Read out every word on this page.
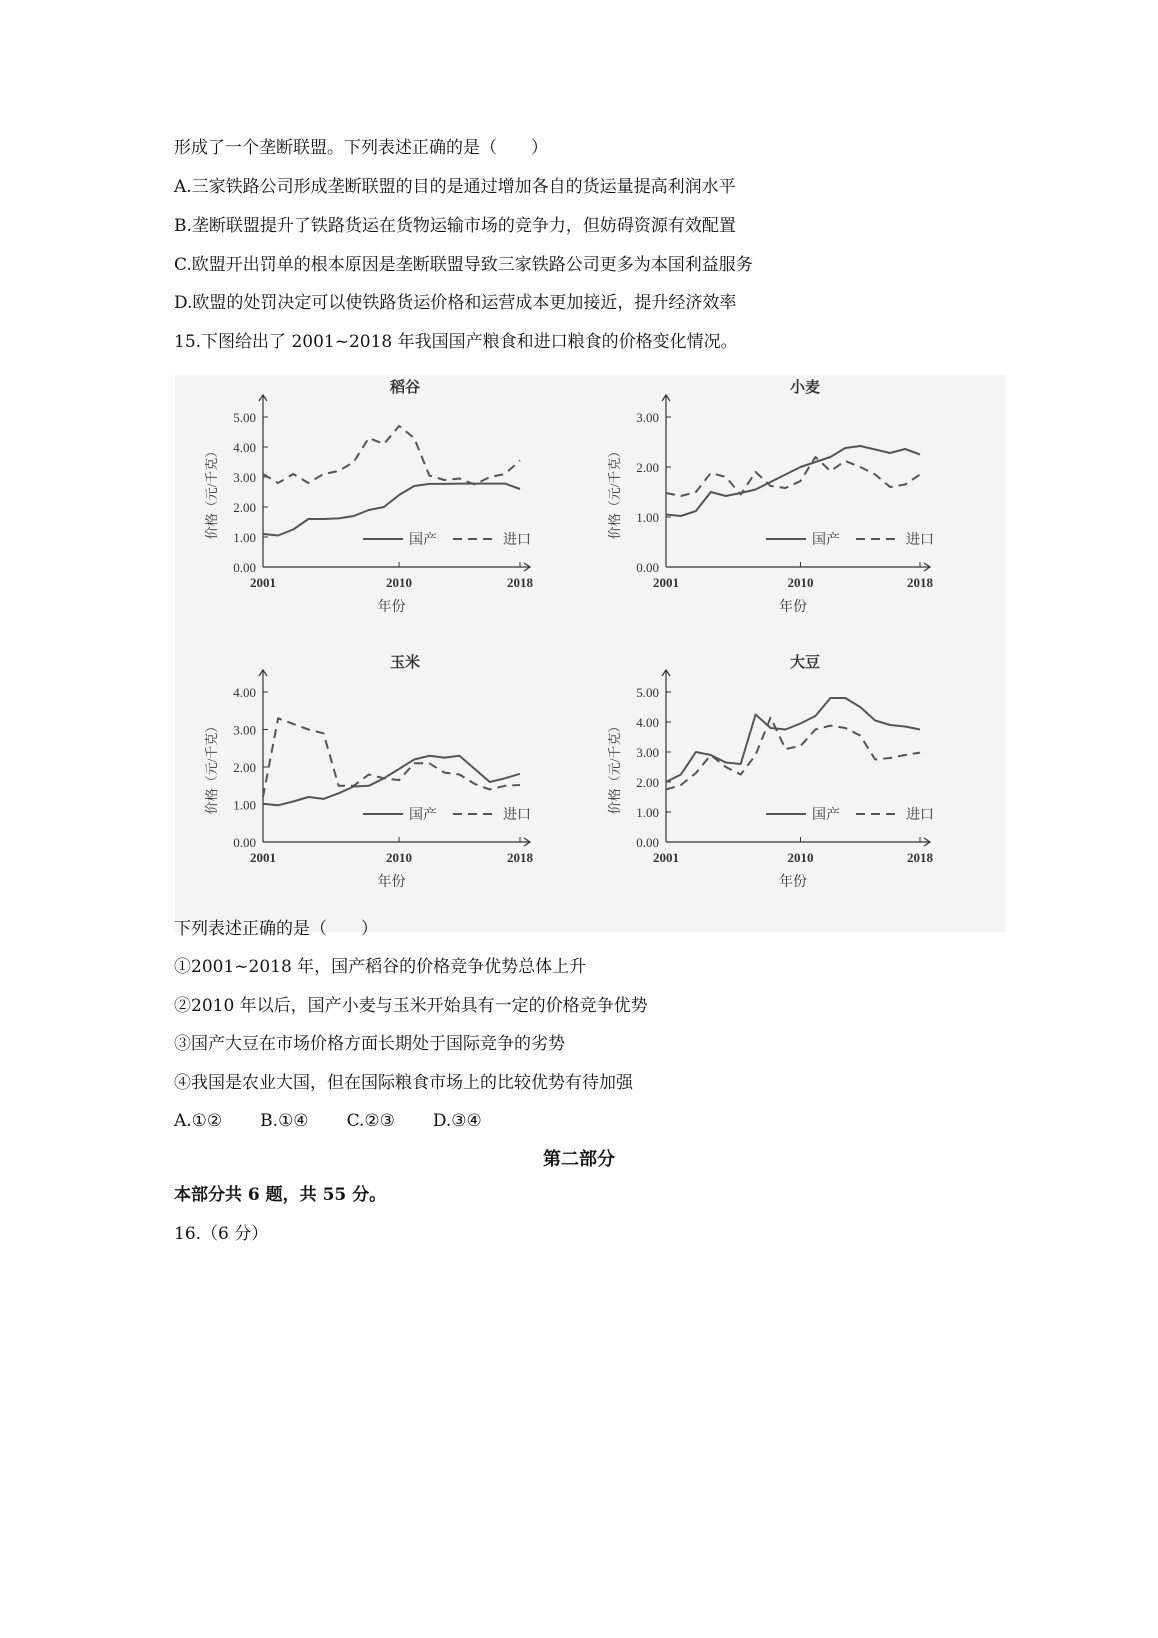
形成了一个垄断联盟。下列表述正确的是（　　）
A.三家铁路公司形成垄断联盟的目的是通过增加各自的货运量提高利润水平
B.垄断联盟提升了铁路货运在货物运输市场的竞争力，但妨碍资源有效配置
C.欧盟开出罚单的根本原因是垄断联盟导致三家铁路公司更多为本国利益服务
D.欧盟的处罚决定可以使铁路货运价格和运营成本更加接近，提升经济效率
15.下图给出了 2001~2018 年我国国产粮食和进口粮食的价格变化情况。
稻谷
0.00
1.00
2.00
3.00
4.00
5.00
2001	2010	2018
年份
价格（元/千克）
国产	进口
小麦
0.00
1.00
2.00
3.00
2001	2010	2018
年份
价格（元/千克）
国产	进口
玉米
0.00
1.00
2.00
3.00
4.00
2001	2010	2018
年份
价格（元/千克）
国产	进口
大豆
0.00
1.00
2.00
3.00
4.00
5.00
2001	2010	2018
年份
价格（元/千克）
国产	进口
下列表述正确的是（　　）
①2001~2018 年，国产稻谷的价格竞争优势总体上升
②2010 年以后，国产小麦与玉米开始具有一定的价格竞争优势
③国产大豆在市场价格方面长期处于国际竞争的劣势
④我国是农业大国，但在国际粮食市场上的比较优势有待加强
A.①② B.①④ C.②③ D.③④
第二部分
本部分共 6 题，共 55 分。
16.（6 分）
